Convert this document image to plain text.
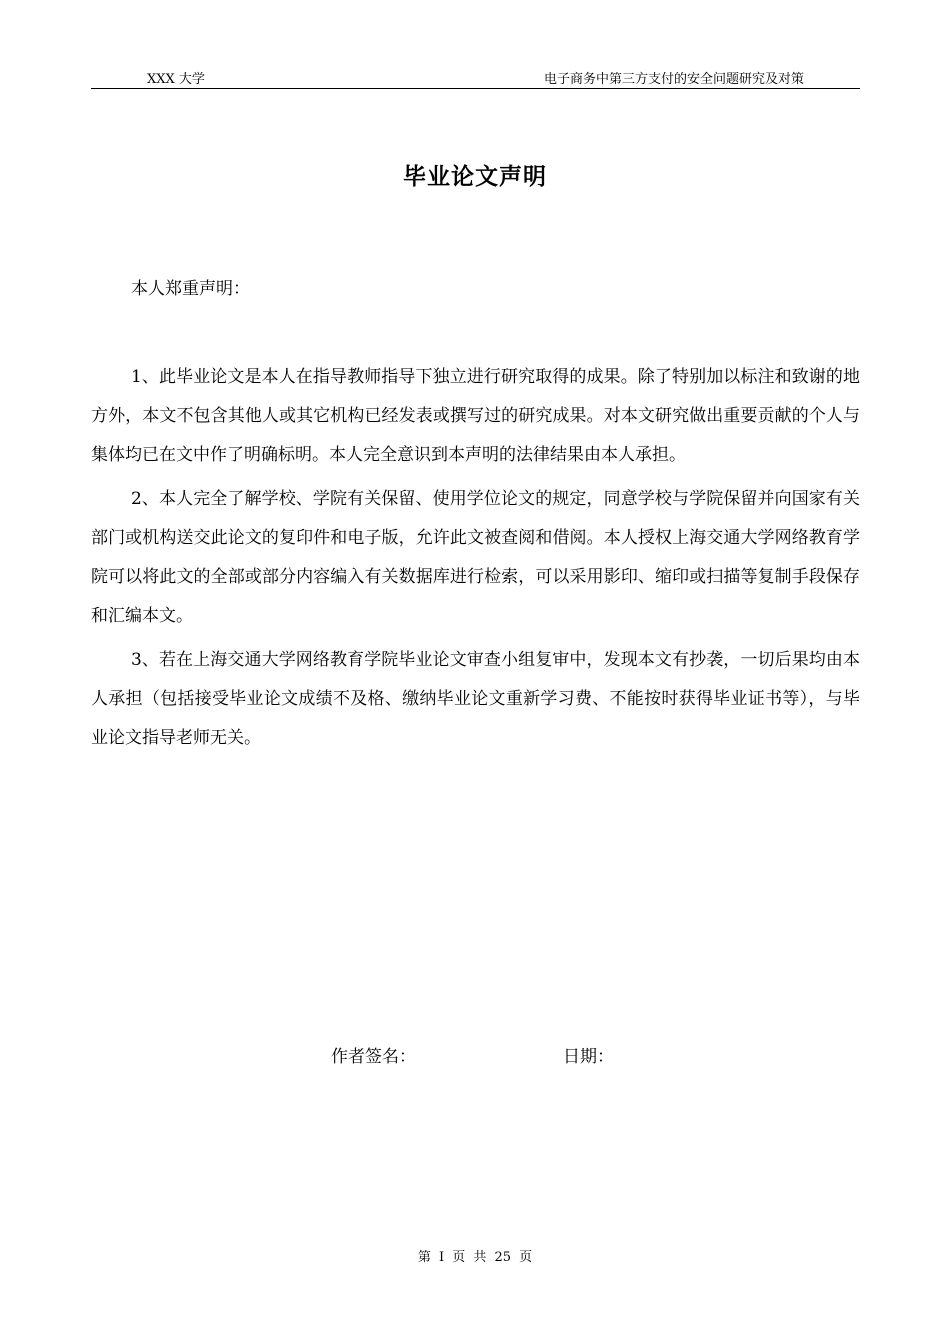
XXX 大学	电子商务中第三方支付的安全问题研究及对策
毕业论文声明
本人郑重声明：

1、此毕业论文是本人在指导教师指导下独立进行研究取得的成果。除了特别加以标注和致谢的地方外，本文不包含其他人或其它机构已经发表或撰写过的研究成果。对本文研究做出重要贡献的个人与集体均已在文中作了明确标明。本人完全意识到本声明的法律结果由本人承担。

2、本人完全了解学校、学院有关保留、使用学位论文的规定，同意学校与学院保留并向国家有关部门或机构送交此论文的复印件和电子版，允许此文被查阅和借阅。本人授权上海交通大学网络教育学院可以将此文的全部或部分内容编入有关数据库进行检索，可以采用影印、缩印或扫描等复制手段保存和汇编本文。

3、若在上海交通大学网络教育学院毕业论文审查小组复审中，发现本文有抄袭，一切后果均由本人承担（包括接受毕业论文成绩不及格、缴纳毕业论文重新学习费、不能按时获得毕业证书等），与毕业论文指导老师无关。

作者签名：	日期：
第 I 页 共 25 页
